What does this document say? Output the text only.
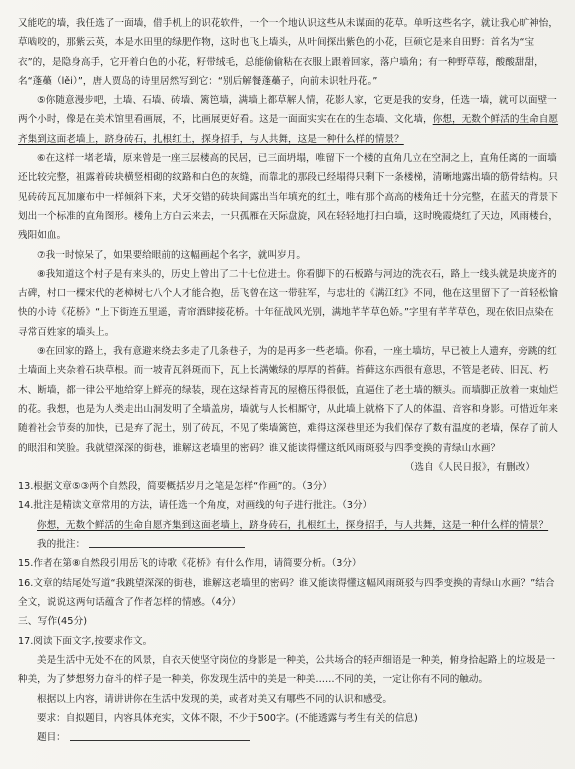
又能吃的墙，我任选了一面墙，借手机上的识花软件，一个一个地认识这些从未谋面的花草。单听这些名字，就让我心旷神怡，草啮咬的，那紫云英，本是水田里的绿肥作物，这时也飞上墙头，从叶间探出紫色的小花，巨硕它是来自田野：首名为“宝衣”的，是隐身高手，它开着白色的小花，籽带绒毛，总能偷偷粘在衣服上跟着回家，落户墙角；有一种野草莓，酸酸甜甜，名“蓬蘽（lěi）”，唐人贾岛的诗里居然写到它：“别后解餐蓬蘽子，向前未识牡丹花。”

⑤你随意漫步吧，土墙、石墙、砖墙、篱笆墙，满墙上都草解人情，花影人家，它更是我的安身，任选一墙，就可以面壁一两个小时，像是在美术馆里看画展，不，比画展更好看。这是一面面实实在在的生态墙、文化墙，你想，无数个鲜活的生命自愿齐集到这面老墙上，跻身砖石，扎根红土，探身招手，与人共舞，这是一种什么样的情景？

⑥在这样一堵老墙，原来曾是一座三层楼高的民居，已三面坍塌，唯留下一个楼的直角几立在空洞之上，直角任离的一面墙还比较完整，祖露着砖块横竖相砌的纹路和白色的灰缝，而靠北的那段已经塌得只剩下一条楼梯，清晰地露出墙的筋骨结构。只见砖砖瓦瓦加廉布中一样倾斜下来，犬牙交错的砖块间露出当年填充的红土，唯有那个高高的楼角迁十分完整，在蓝天的背景下划出一个标准的直角图形。楼角上方白云来去，一只孤雁在天际盘旋，风在轻轻地打扫白墙，这时晚霞烧红了天边，风雨楼台，残阳如血。

⑦我一时惊呆了，如果要给眼前的这幅画起个名字，就叫岁月。

⑧我知道这个村子是有来头的，历史上曾出了二十七位进士。你看脚下的石板路与河边的洗衣石，路上一线头就是块庞齐的古碑，村口一棵宋代的老樟树七八个人才能合抱，岳飞曾在这一带驻军，与忠壮的《满江红》不同，他在这里留下了一首轻松愉快的小诗《花桥》“上下街连五里遥，青帘酒肆接花桥。十年征战风光别，满地芊芊草色娇。”字里有芊芊草色，现在依旧点染在寻常百姓家的墙头上。

⑨在回家的路上，我有意避来绕去多走了几条巷子，为的是再多一些老墙。你看，一座土墙坊，早已被上人遗弃，旁跳的红土墙面上夹杂着石块草根。而一坡青瓦斜斑而下，瓦上长满嫩绿的厚厚的苔藓。苔藓这东西很有意思，不管是老砖、旧瓦、朽木、断墙，都一律公平地给穿上鲜亮的绿装，现在这绿苔青瓦的屋檐压得很低，直逼住了老土墙的额头。而墙脚正放着一束灿烂的花。我想，也是为人类走出山洞发明了全墙盖房，墙就与人长相厮守，从此墙上就格下了人的体温、音容和身影。可惜近年来随着社会节奏的加快，已是弃了泥土，别了砖瓦，不见了柴墙篱笆，难得这深巷里还为我们保存了数有温度的老墙，保存了前人的眼泪和笑脸。我就望深深的街巷，谁解这老墙里的密码？谁又能读得懂这纸风雨斑驳与四季变换的青绿山水画？
（选自《人民日报》，有删改）

13.根据文章⑤③两个自然段，简要概括岁月之笔是怎样“作画”的。（3分）

14.批注是精读文章常用的方法，请任选一个角度，对画线的句子进行批注。（3分）

你想，无数个鲜活的生命自愿齐集到这面老墙上，跻身砖石，扎根红土，探身招手，与人共舞，这是一种什么样的情景？

我的批注：

15.作者在第⑧自然段引用岳飞的诗歌《花桥》有什么作用，请简要分析。（3分）

16.文章的结尾处写道“我跳望深深的街巷，谁解这老墙里的密码？谁又能读得懂这幅风雨斑驳与四季变换的青绿山水画？”结合全文，说说这两句话蕴含了作者怎样的情感。（4分）

三、写作(45分)

17.阅读下面文字,按要求作文。

美是生活中无处不在的风景，自衣天使坚守岗位的身影是一种美，公共场合的轻声细语是一种美，俯身拾起路上的垃圾是一种美，为了梦想努力奋斗的样子是一种美，你发现生活中的美是一种美……不同的美，一定让你有不同的触动。

根据以上内容，请讲讲你在生活中发现的美，或者对美又有哪些不同的认识和感受。

要求：自拟题目，内容具体充实，文体不限，不少于500字。(不能透露与考生有关的信息)

题目：
